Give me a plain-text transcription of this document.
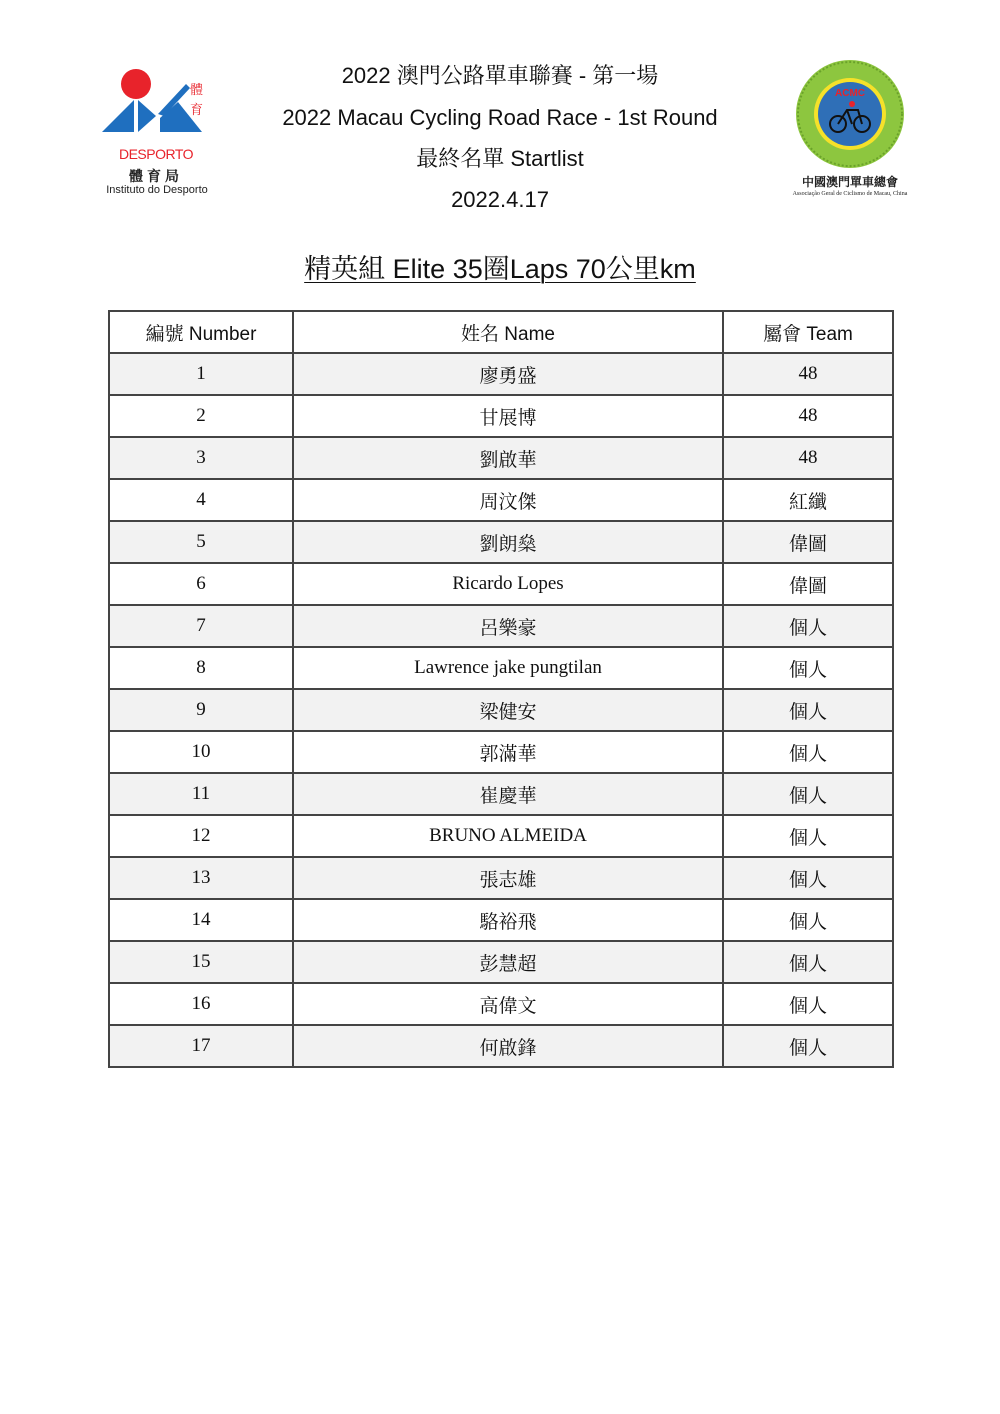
體
育
DESPORTO
體育局
Instituto do Desporto
2022 澳門公路單車聯賽 - 第一場
2022 Macau Cycling Road Race - 1st Round
最終名單 Startlist
2022.4.17
ACMC
中國澳門單車總會
Associação Geral de Ciclismo de Macau, China
精英組 Elite 35圈Laps 70公里km
編號 Number	姓名 Name	屬會 Team
1	廖勇盛	48
2	甘展博	48
3	劉啟華	48
4	周汶傑	紅纖
5	劉朗燊	偉圖
6	Ricardo Lopes	偉圖
7	呂樂豪	個人
8	Lawrence jake pungtilan	個人
9	梁健安	個人
10	郭滿華	個人
11	崔慶華	個人
12	BRUNO ALMEIDA	個人
13	張志雄	個人
14	駱裕飛	個人
15	彭慧超	個人
16	高偉文	個人
17	何啟鋒	個人
